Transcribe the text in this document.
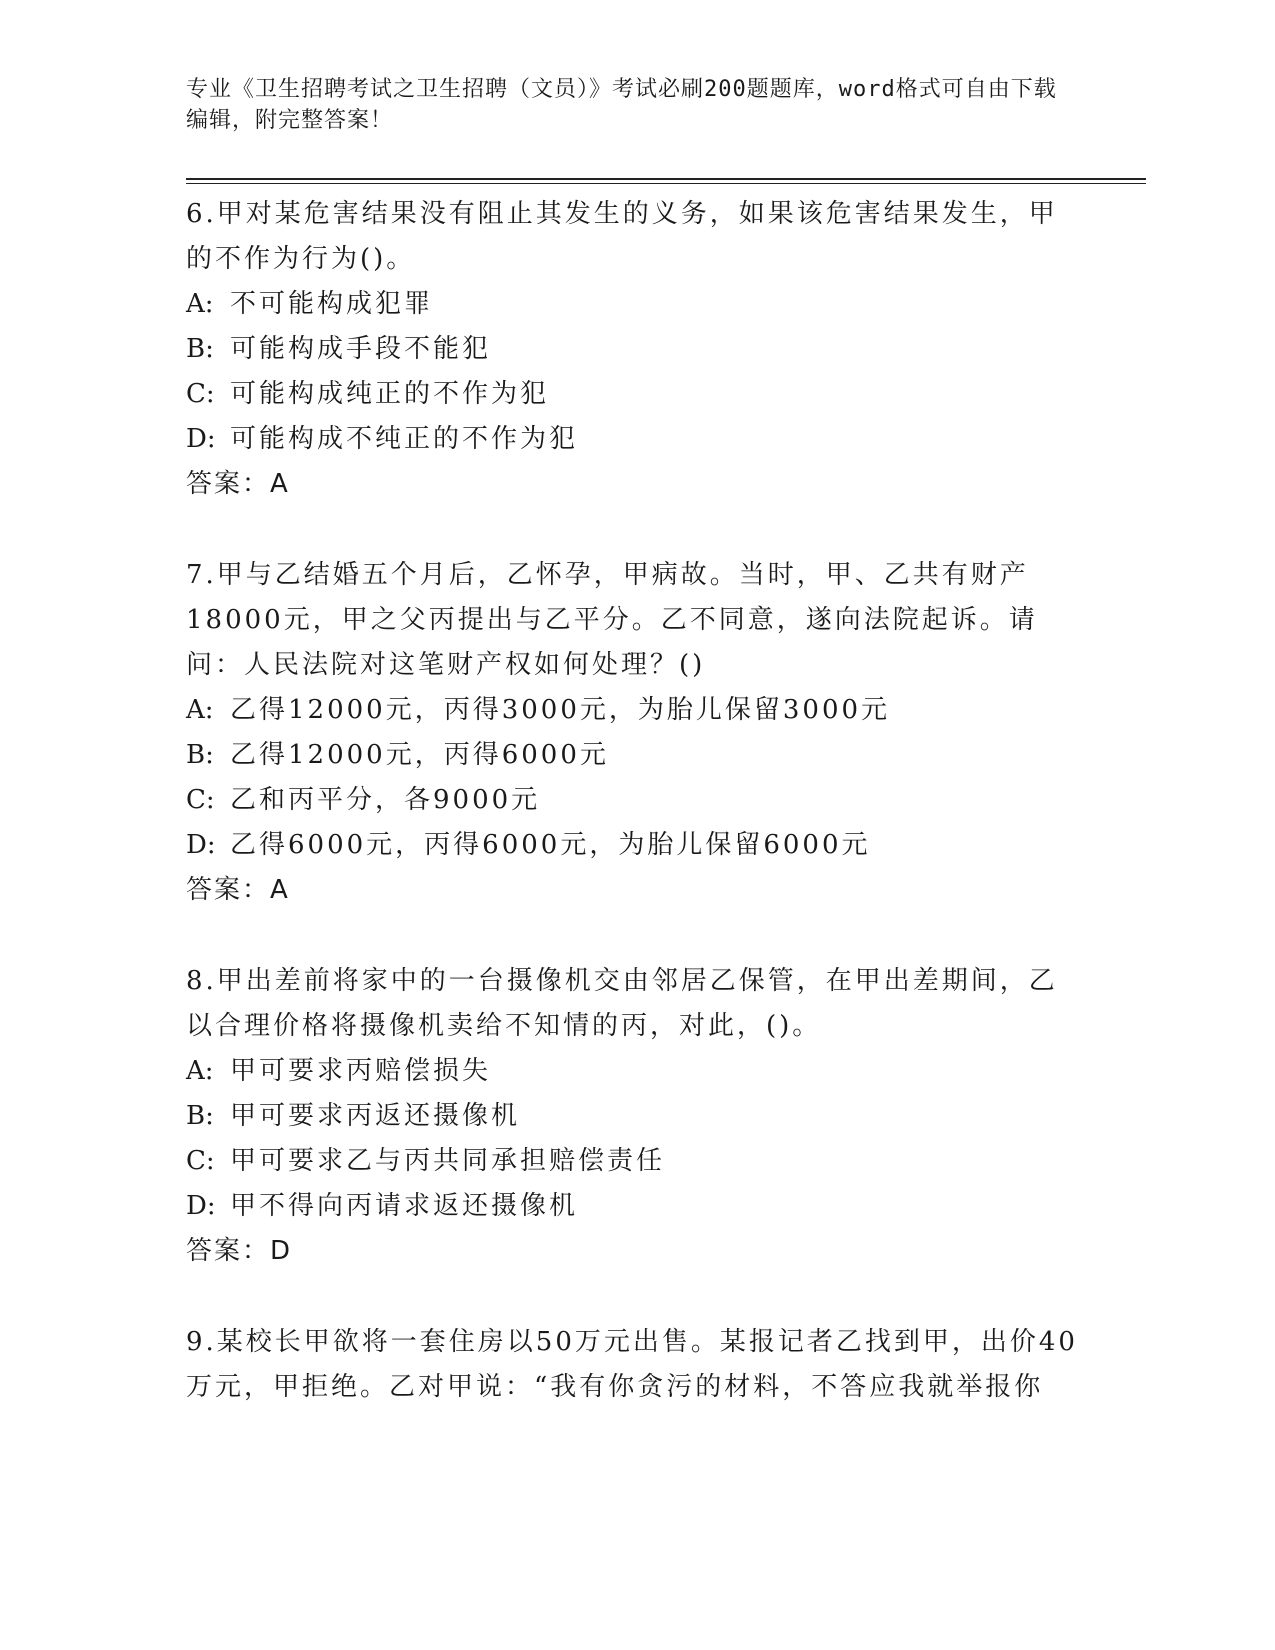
专业《卫生招聘考试之卫生招聘（文员）》考试必刷200题题库，word格式可自由下载编辑，附完整答案！

6.甲对某危害结果没有阻止其发生的义务，如果该危害结果发生，甲的不作为行为()。

A: 不可能构成犯罪

B: 可能构成手段不能犯

C: 可能构成纯正的不作为犯

D: 可能构成不纯正的不作为犯

答案：A

7.甲与乙结婚五个月后，乙怀孕，甲病故。当时，甲、乙共有财产18000元，甲之父丙提出与乙平分。乙不同意，遂向法院起诉。请问：人民法院对这笔财产权如何处理？()

A: 乙得12000元，丙得3000元，为胎儿保留3000元

B: 乙得12000元，丙得6000元

C: 乙和丙平分，各9000元

D: 乙得6000元，丙得6000元，为胎儿保留6000元

答案：A

8.甲出差前将家中的一台摄像机交由邻居乙保管，在甲出差期间，乙以合理价格将摄像机卖给不知情的丙，对此，()。

A: 甲可要求丙赔偿损失

B: 甲可要求丙返还摄像机

C: 甲可要求乙与丙共同承担赔偿责任

D: 甲不得向丙请求返还摄像机

答案：D

9.某校长甲欲将一套住房以50万元出售。某报记者乙找到甲，出价40万元，甲拒绝。乙对甲说：“我有你贪污的材料，不答应我就举报你
